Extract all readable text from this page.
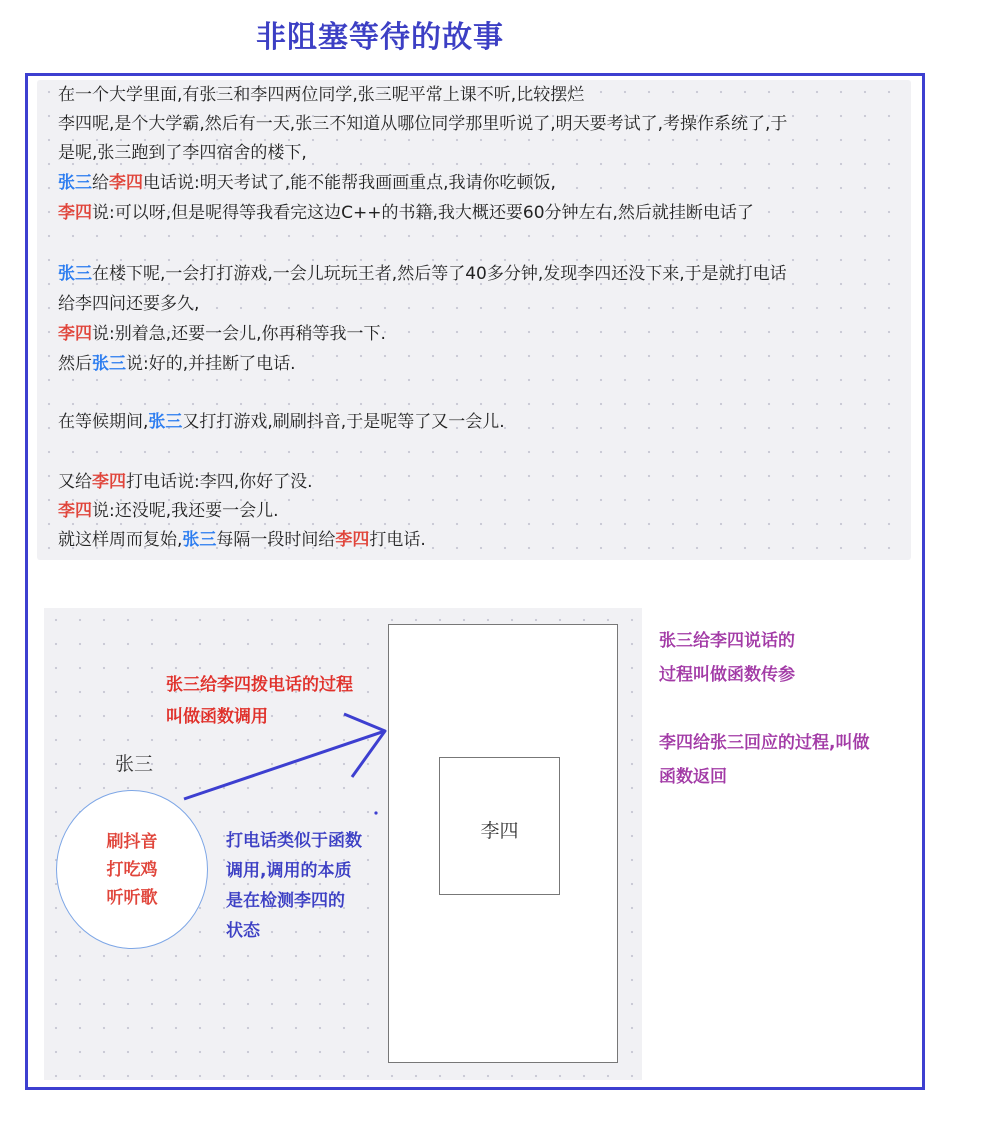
非阻塞等待的故事
在一个大学里面,有张三和李四两位同学,张三呢平常上课不听,比较摆烂
李四呢,是个大学霸,然后有一天,张三不知道从哪位同学那里听说了,明天要考试了,考操作系统了,于
是呢,张三跑到了李四宿舍的楼下,
张三给李四电话说:明天考试了,能不能帮我画画重点,我请你吃顿饭,
李四说:可以呀,但是呢得等我看完这边C++的书籍,我大概还要60分钟左右,然后就挂断电话了
张三在楼下呢,一会打打游戏,一会儿玩玩王者,然后等了40多分钟,发现李四还没下来,于是就打电话
给李四问还要多久,
李四说:别着急,还要一会儿,你再稍等我一下.
然后张三说:好的,并挂断了电话.
在等候期间,张三又打打游戏,刷刷抖音,于是呢等了又一会儿.
又给李四打电话说:李四,你好了没.
李四说:还没呢,我还要一会儿.
就这样周而复始,张三每隔一段时间给李四打电话.
李四
张三
刷抖音
打吃鸡
听听歌
张三给李四拨电话的过程
叫做函数调用
打电话类似于函数
调用,调用的本质
是在检测李四的
状态
张三给李四说话的
过程叫做函数传参
李四给张三回应的过程,叫做
函数返回
